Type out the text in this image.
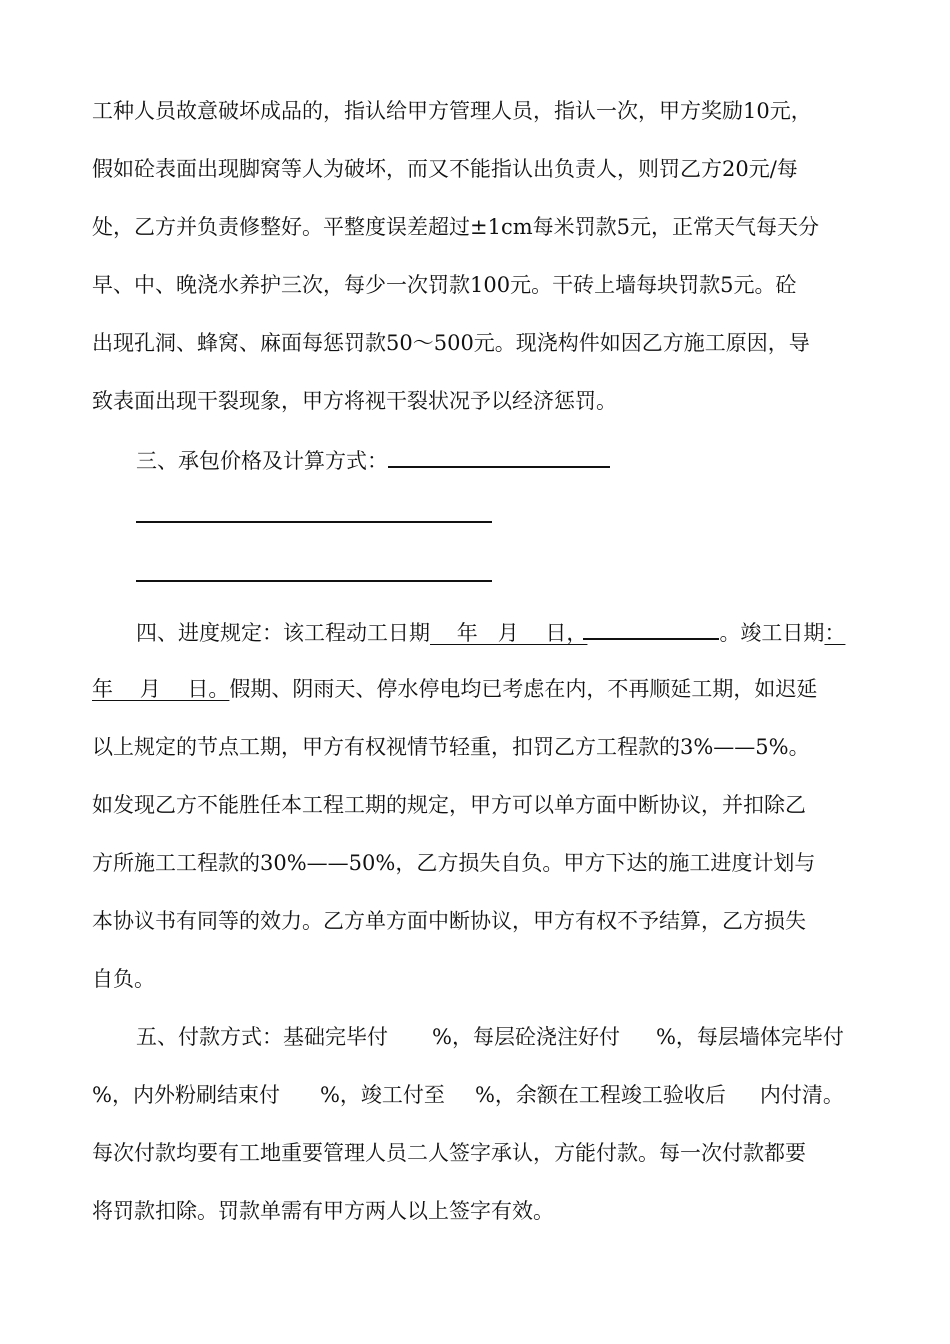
工种人员故意破坏成品的，指认给甲方管理人员，指认一次，甲方奖励10元，
假如砼表面出现脚窝等人为破坏，而又不能指认出负责人，则罚乙方20元/每
处，乙方并负责修整好。平整度误差超过±1cm每米罚款5元，正常天气每天分
早、中、晚浇水养护三次，每少一次罚款100元。干砖上墙每块罚款5元。砼
出现孔洞、蜂窝、麻面每惩罚款50～500元。现浇构件如因乙方施工原因，导
致表面出现干裂现象，甲方将视干裂状况予以经济惩罚。
三、承包价格及计算方式：
四、进度规定：该工程动工日期    年   月    日，	。竣工日期：
年    月    日。假期、阴雨天、停水停电均已考虑在内，不再顺延工期，如迟延
以上规定的节点工期，甲方有权视情节轻重，扣罚乙方工程款的3%——5%。
如发现乙方不能胜任本工程工期的规定，甲方可以单方面中断协议，并扣除乙
方所施工工程款的30%——50%，乙方损失自负。甲方下达的施工进度计划与
本协议书有同等的效力。乙方单方面中断协议，甲方有权不予结算，乙方损失
自负。
五、付款方式：基础完毕付 %，每层砼浇注好付 %，每层墙体完毕付
%，内外粉刷结束付 %，竣工付至 %，余额在工程竣工验收后 内付清。
每次付款均要有工地重要管理人员二人签字承认，方能付款。每一次付款都要
将罚款扣除。罚款单需有甲方两人以上签字有效。
